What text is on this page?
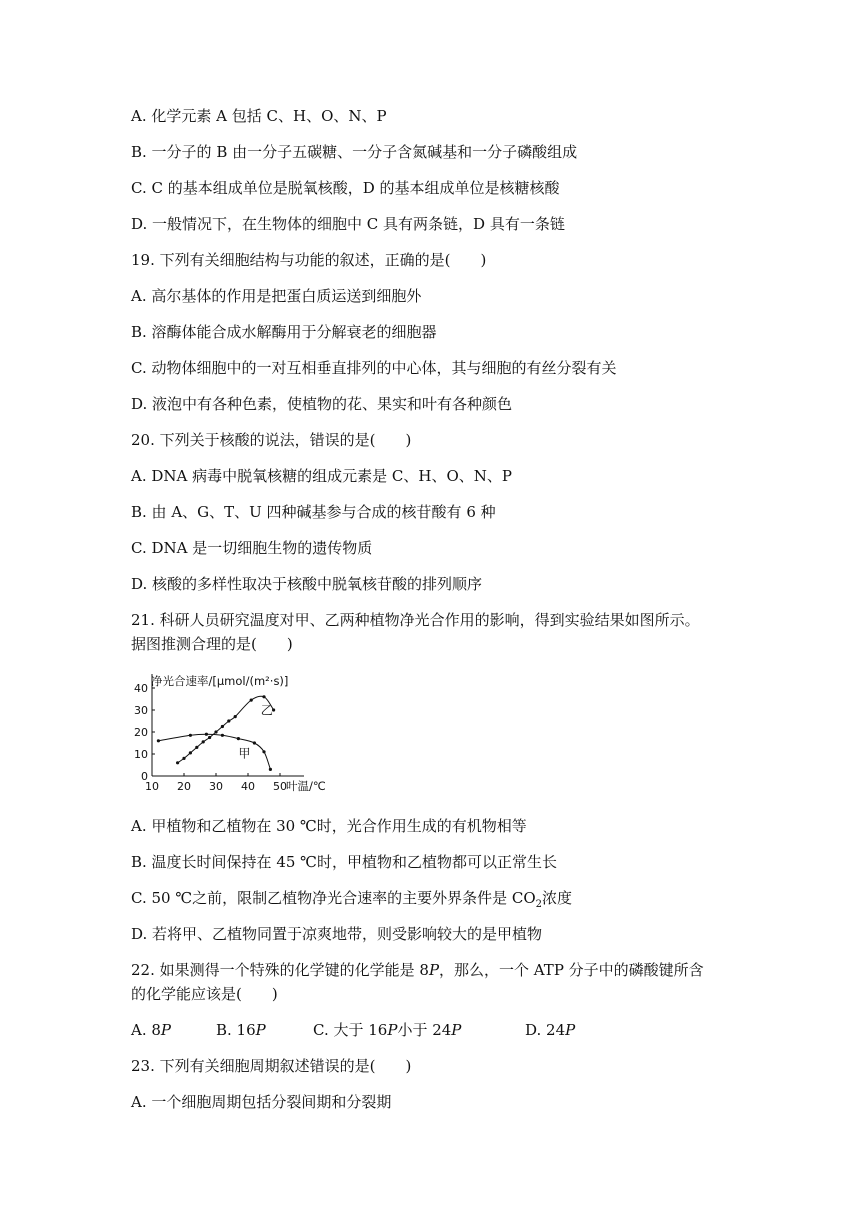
A. 化学元素 A 包括 C、H、O、N、P
B. 一分子的 B 由一分子五碳糖、一分子含氮碱基和一分子磷酸组成
C. C 的基本组成单位是脱氧核酸，D 的基本组成单位是核糖核酸
D. 一般情况下，在生物体的细胞中 C 具有两条链，D 具有一条链
19. 下列有关细胞结构与功能的叙述，正确的是(　　)
A. 高尔基体的作用是把蛋白质运送到细胞外
B. 溶酶体能合成水解酶用于分解衰老的细胞器
C. 动物体细胞中的一对互相垂直排列的中心体，其与细胞的有丝分裂有关
D. 液泡中有各种色素，使植物的花、果实和叶有各种颜色
20. 下列关于核酸的说法，错误的是(　　)
A. DNA 病毒中脱氧核糖的组成元素是 C、H、O、N、P
B. 由 A、G、T、U 四种碱基参与合成的核苷酸有 6 种
C. DNA 是一切细胞生物的遗传物质
D. 核酸的多样性取决于核酸中脱氧核苷酸的排列顺序
21. 科研人员研究温度对甲、乙两种植物净光合作用的影响，得到实验结果如图所示。
据图推测合理的是(　　)
10 20 30 40 50
0
10
20
30
40
净光合速率/[μmol/(m²·s)]
叶温/℃
甲
乙
A. 甲植物和乙植物在 30 ℃时，光合作用生成的有机物相等
B. 温度长时间保持在 45 ℃时，甲植物和乙植物都可以正常生长
C. 50 ℃之前，限制乙植物净光合速率的主要外界条件是 $CO_2$浓度
D. 若将甲、乙植物同置于凉爽地带，则受影响较大的是甲植物
22. 如果测得一个特殊的化学键的化学能是 8P，那么，一个 ATP 分子中的磷酸键所含
的化学能应该是(　　)
A. 8P	B. 16P	C. 大于 16P小于 24P	D. 24P
23. 下列有关细胞周期叙述错误的是(　　)
A. 一个细胞周期包括分裂间期和分裂期
